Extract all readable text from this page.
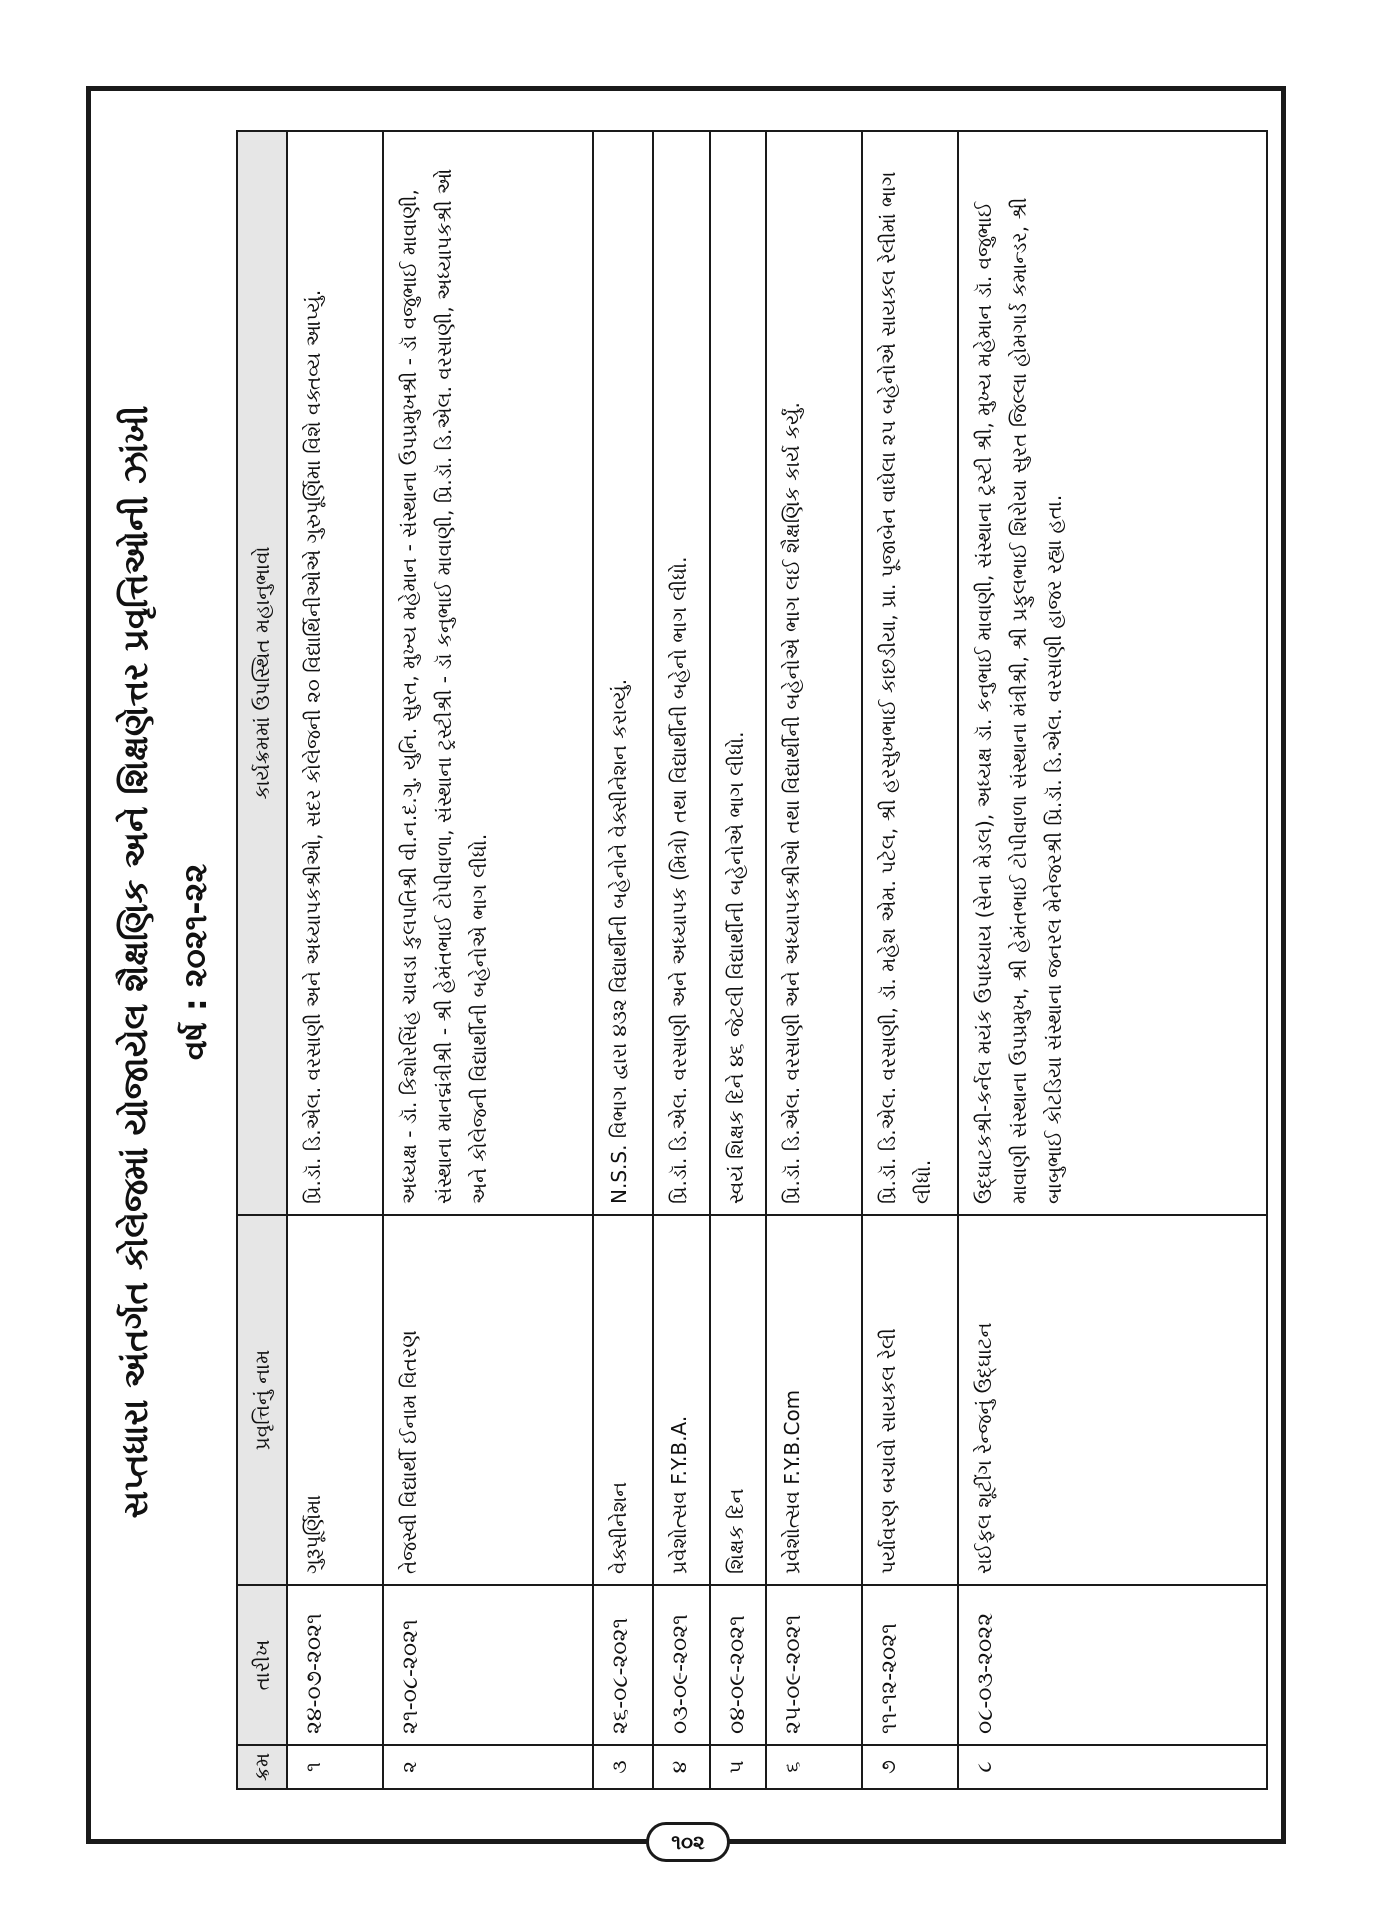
સપ્તધારા અંતર્ગત કોલેજમાં યોજાયેલ શૈક્ષણિક અને શિક્ષણેત્તર પ્રવૃત્તિઓની ઝાંખી વર્ષ : ૨૦૨૧-૨૨
ક્રમ	તારીખ	પ્રવૃત્તિનું નામ	કાર્યક્રમમાં ઉપસ્થિત મહાનુભાવો
૧	૨૪-૦૭-૨૦૨૧	ગુરૂપૂર્ણિમા	પ્રિ.ડૉ. ડિ.એલ. વરસાણી અને અધ્યાપકશ્રીઓ, સદર કોલેજની ૨૦ વિદ્યાર્થિનીઓએ ગુરુપૂર્ણિમા વિશે વક્તવ્ય આપ્યું.
૨	૨૧-૦૮-૨૦૨૧	તેજસ્વી વિદ્યાર્થી ઈનામ વિતરણ	અધ્યક્ષ - ડૉ. કિશોરસિંહ ચાવડા કુલપતિશ્રી વી.ન.દ.ગુ. યુનિ. સુરત, મુખ્ય મહેમાન - સંસ્થાના ઉપપ્રમુખશ્રી - ડૉ વજુભાઈ માવાણી, સંસ્થાના માનદ્મંત્રીશ્રી - શ્રી હેમંતભાઈ ટોપીવાળા, સંસ્થાના ટ્રસ્ટીશ્રી - ડૉ કનુભાઈ માવાણી, પ્રિ.ડૉ. ડિ.એલ. વરસાણી, અધ્યાપકશ્રી ઓ અને કોલેજની વિદ્યાર્થીની બહેનોએ ભાગ લીધો.
૩	૨૬-૦૮-૨૦૨૧	વેક્સીનેશન	N.S.S. વિભાગ દ્વારા ૪૩૨ વિદ્યાર્થીની બહેનોને વેક્સીનેશન કરાવ્યું.
૪	૦૩-૦૯-૨૦૨૧	પ્રવેશોત્સવ F.Y.B.A.	પ્રિ.ડૉ. ડિ.એલ. વરસાણી અને અધ્યાપક (મિત્રો) તથા વિદ્યાર્થીની બહેનો ભાગ લીધો.
૫	૦૪-૦૯-૨૦૨૧	શિક્ષક દિન	સ્વયં શિક્ષક દિને ૪૬ જેટલી વિદ્યાર્થીની બહેનોએ ભાગ લીધો.
૬	૨૫-૦૯-૨૦૨૧	પ્રવેશોત્સવ F.Y.B.Com	પ્રિ.ડૉ. ડિ.એલ. વરસાણી અને અધ્યાપકશ્રીઓ તથા વિદ્યાર્થીની બહેનોએ ભાગ લઈ શૈક્ષણિક કાર્ય કર્યું.
૭	૧૧-૧૨-૨૦૨૧	પર્યાવરણ બચાવો સાયકલ રેલી	પ્રિ.ડૉ. ડિ.એલ. વરસાણી, ડૉ. મહેશ એમ. પટેલ, શ્રી હરસુખભાઈ કાછડીયા, પ્રા. પૂજાબેન વાઘેલા ૨૫ બહેનોએ સાયકલ રેલીમાં ભાગ લીધો.
૮	૦૮-૦૩-૨૦૨૨	રાઈફલ શૂટીંગ રેન્જનું ઉદ્ઘાટન	ઉદ્ઘાટકશ્રી-કર્નલ મયંક ઉપાધ્યાય (સેના મેડલ), અધ્યક્ષ ડૉ. કનુભાઈ માવાણી, સંસ્થાના ટ્રસ્ટી શ્રી, મુખ્ય મહેમાન ડૉ. વજુભાઈ માવાણી સંસ્થાના ઉપપ્રમુખ, શ્રી હેમંતભાઈ ટોપીવાળા સંસ્થાના મંત્રીશ્રી, શ્રી પ્રફુલભાઈ શિરોયા સુરત જિલ્લા હોમગાર્ડ કમાન્ડર, શ્રી બાબુભાઈ કોટડિયા સંસ્થાના જનરલ મેનેજરશ્રી પ્રિ.ડૉ. ડિ.એલ. વરસાણી હાજર રહ્યા હતા.
૧૦૨
